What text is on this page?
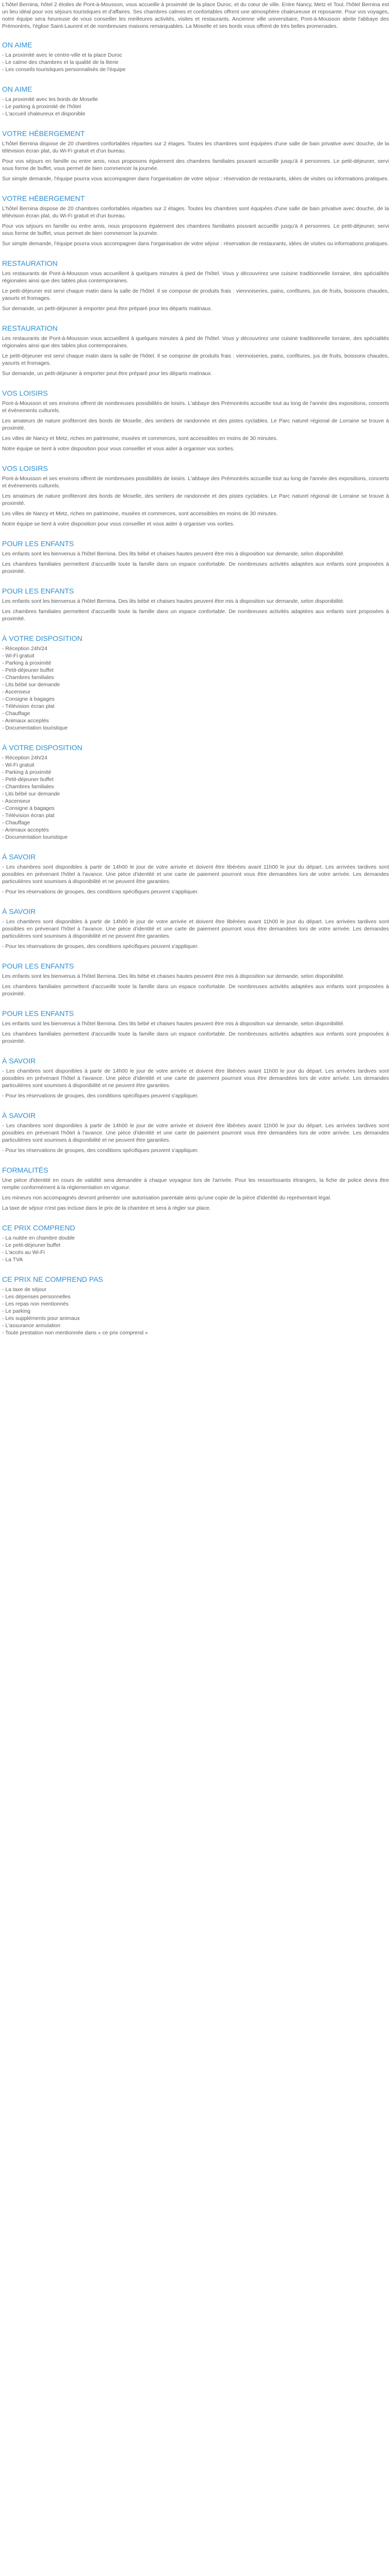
L'hôtel Bernina, hôtel 2 étoiles de Pont-à-Mousson, vous accueille à proximité de la place Duroc, et du cœur de ville. Entre Nancy, Metz et Toul, l'hôtel Bernina est un lieu idéal pour vos séjours touristiques et d'affaires. Ses chambres calmes et confortables offrent une atmosphère chaleureuse et reposante. Pour vos voyages, notre équipe sera heureuse de vous conseiller les meilleures activités, visites et restaurants. Ancienne ville universitaire, Pont-à-Mousson abrite l'abbaye des Prémontrés, l'église Saint-Laurent et de nombreuses maisons remarquables. La Moselle et ses bords vous offrent de très belles promenades.

ON AIME
- La proximité avec le centre-ville et la place Duroc
- Le calme des chambres et la qualité de la literie
- Les conseils touristiques personnalisés de l'équipe
ON AIME
- La proximité avec les bords de Moselle
- Le parking à proximité de l'hôtel
- L'accueil chaleureux et disponible
VOTRE HÉBERGEMENT

L'hôtel Bernina dispose de 20 chambres confortables réparties sur 2 étages. Toutes les chambres sont équipées d'une salle de bain privative avec douche, de la télévision écran plat, du Wi-Fi gratuit et d'un bureau.

Pour vos séjours en famille ou entre amis, nous proposons également des chambres familiales pouvant accueillir jusqu'à 4 personnes. Le petit-déjeuner, servi sous forme de buffet, vous permet de bien commencer la journée.

Sur simple demande, l'équipe pourra vous accompagner dans l'organisation de votre séjour : réservation de restaurants, idées de visites ou informations pratiques.

VOTRE HÉBERGEMENT

L'hôtel Bernina dispose de 20 chambres confortables réparties sur 2 étages. Toutes les chambres sont équipées d'une salle de bain privative avec douche, de la télévision écran plat, du Wi-Fi gratuit et d'un bureau.

Pour vos séjours en famille ou entre amis, nous proposons également des chambres familiales pouvant accueillir jusqu'à 4 personnes. Le petit-déjeuner, servi sous forme de buffet, vous permet de bien commencer la journée.

Sur simple demande, l'équipe pourra vous accompagner dans l'organisation de votre séjour : réservation de restaurants, idées de visites ou informations pratiques.

RESTAURATION

Les restaurants de Pont-à-Mousson vous accueillent à quelques minutes à pied de l'hôtel. Vous y découvrirez une cuisine traditionnelle lorraine, des spécialités régionales ainsi que des tables plus contemporaines.

Le petit-déjeuner est servi chaque matin dans la salle de l'hôtel. Il se compose de produits frais : viennoiseries, pains, confitures, jus de fruits, boissons chaudes, yaourts et fromages.

Sur demande, un petit-déjeuner à emporter peut être préparé pour les départs matinaux.

RESTAURATION

Les restaurants de Pont-à-Mousson vous accueillent à quelques minutes à pied de l'hôtel. Vous y découvrirez une cuisine traditionnelle lorraine, des spécialités régionales ainsi que des tables plus contemporaines.

Le petit-déjeuner est servi chaque matin dans la salle de l'hôtel. Il se compose de produits frais : viennoiseries, pains, confitures, jus de fruits, boissons chaudes, yaourts et fromages.

Sur demande, un petit-déjeuner à emporter peut être préparé pour les départs matinaux.

VOS LOISIRS

Pont-à-Mousson et ses environs offrent de nombreuses possibilités de loisirs. L'abbaye des Prémontrés accueille tout au long de l'année des expositions, concerts et événements culturels.

Les amateurs de nature profiteront des bords de Moselle, des sentiers de randonnée et des pistes cyclables. Le Parc naturel régional de Lorraine se trouve à proximité.

Les villes de Nancy et Metz, riches en patrimoine, musées et commerces, sont accessibles en moins de 30 minutes.

Notre équipe se tient à votre disposition pour vous conseiller et vous aider à organiser vos sorties.

VOS LOISIRS

Pont-à-Mousson et ses environs offrent de nombreuses possibilités de loisirs. L'abbaye des Prémontrés accueille tout au long de l'année des expositions, concerts et événements culturels.

Les amateurs de nature profiteront des bords de Moselle, des sentiers de randonnée et des pistes cyclables. Le Parc naturel régional de Lorraine se trouve à proximité.

Les villes de Nancy et Metz, riches en patrimoine, musées et commerces, sont accessibles en moins de 30 minutes.

Notre équipe se tient à votre disposition pour vous conseiller et vous aider à organiser vos sorties.

POUR LES ENFANTS

Les enfants sont les bienvenus à l'hôtel Bernina. Des lits bébé et chaises hautes peuvent être mis à disposition sur demande, selon disponibilité.

Les chambres familiales permettent d'accueillir toute la famille dans un espace confortable. De nombreuses activités adaptées aux enfants sont proposées à proximité.

POUR LES ENFANTS

Les enfants sont les bienvenus à l'hôtel Bernina. Des lits bébé et chaises hautes peuvent être mis à disposition sur demande, selon disponibilité.

Les chambres familiales permettent d'accueillir toute la famille dans un espace confortable. De nombreuses activités adaptées aux enfants sont proposées à proximité.

À VOTRE DISPOSITION
- Réception 24h/24
- Wi-Fi gratuit
- Parking à proximité
- Petit-déjeuner buffet
- Chambres familiales
- Lits bébé sur demande
- Ascenseur
- Consigne à bagages
- Télévision écran plat
- Chauffage
- Animaux acceptés
- Documentation touristique
À VOTRE DISPOSITION
- Réception 24h/24
- Wi-Fi gratuit
- Parking à proximité
- Petit-déjeuner buffet
- Chambres familiales
- Lits bébé sur demande
- Ascenseur
- Consigne à bagages
- Télévision écran plat
- Chauffage
- Animaux acceptés
- Documentation touristique
À SAVOIR

- Les chambres sont disponibles à partir de 14h00 le jour de votre arrivée et doivent être libérées avant 11h00 le jour du départ. Les arrivées tardives sont possibles en prévenant l'hôtel à l'avance. Une pièce d'identité et une carte de paiement pourront vous être demandées lors de votre arrivée. Les demandes particulières sont soumises à disponibilité et ne peuvent être garanties.

- Pour les réservations de groupes, des conditions spécifiques peuvent s'appliquer.

À SAVOIR

- Les chambres sont disponibles à partir de 14h00 le jour de votre arrivée et doivent être libérées avant 11h00 le jour du départ. Les arrivées tardives sont possibles en prévenant l'hôtel à l'avance. Une pièce d'identité et une carte de paiement pourront vous être demandées lors de votre arrivée. Les demandes particulières sont soumises à disponibilité et ne peuvent être garanties.

- Pour les réservations de groupes, des conditions spécifiques peuvent s'appliquer.

POUR LES ENFANTS

Les enfants sont les bienvenus à l'hôtel Bernina. Des lits bébé et chaises hautes peuvent être mis à disposition sur demande, selon disponibilité.

Les chambres familiales permettent d'accueillir toute la famille dans un espace confortable. De nombreuses activités adaptées aux enfants sont proposées à proximité.

POUR LES ENFANTS

Les enfants sont les bienvenus à l'hôtel Bernina. Des lits bébé et chaises hautes peuvent être mis à disposition sur demande, selon disponibilité.

Les chambres familiales permettent d'accueillir toute la famille dans un espace confortable. De nombreuses activités adaptées aux enfants sont proposées à proximité.

À SAVOIR

- Les chambres sont disponibles à partir de 14h00 le jour de votre arrivée et doivent être libérées avant 11h00 le jour du départ. Les arrivées tardives sont possibles en prévenant l'hôtel à l'avance. Une pièce d'identité et une carte de paiement pourront vous être demandées lors de votre arrivée. Les demandes particulières sont soumises à disponibilité et ne peuvent être garanties.

- Pour les réservations de groupes, des conditions spécifiques peuvent s'appliquer.

À SAVOIR

- Les chambres sont disponibles à partir de 14h00 le jour de votre arrivée et doivent être libérées avant 11h00 le jour du départ. Les arrivées tardives sont possibles en prévenant l'hôtel à l'avance. Une pièce d'identité et une carte de paiement pourront vous être demandées lors de votre arrivée. Les demandes particulières sont soumises à disponibilité et ne peuvent être garanties.

- Pour les réservations de groupes, des conditions spécifiques peuvent s'appliquer.

FORMALITÉS

Une pièce d'identité en cours de validité sera demandée à chaque voyageur lors de l'arrivée. Pour les ressortissants étrangers, la fiche de police devra être remplie conformément à la réglementation en vigueur.

Les mineurs non accompagnés devront présenter une autorisation parentale ainsi qu'une copie de la pièce d'identité du représentant légal.

La taxe de séjour n'est pas incluse dans le prix de la chambre et sera à régler sur place.

CE PRIX COMPREND
- La nuitée en chambre double
- Le petit-déjeuner buffet
- L'accès au Wi-Fi
- La TVA
CE PRIX NE COMPREND PAS
- La taxe de séjour
- Les dépenses personnelles
- Les repas non mentionnés
- Le parking
- Les suppléments pour animaux
- L'assurance annulation
- Toute prestation non mentionnée dans « ce prix comprend »
